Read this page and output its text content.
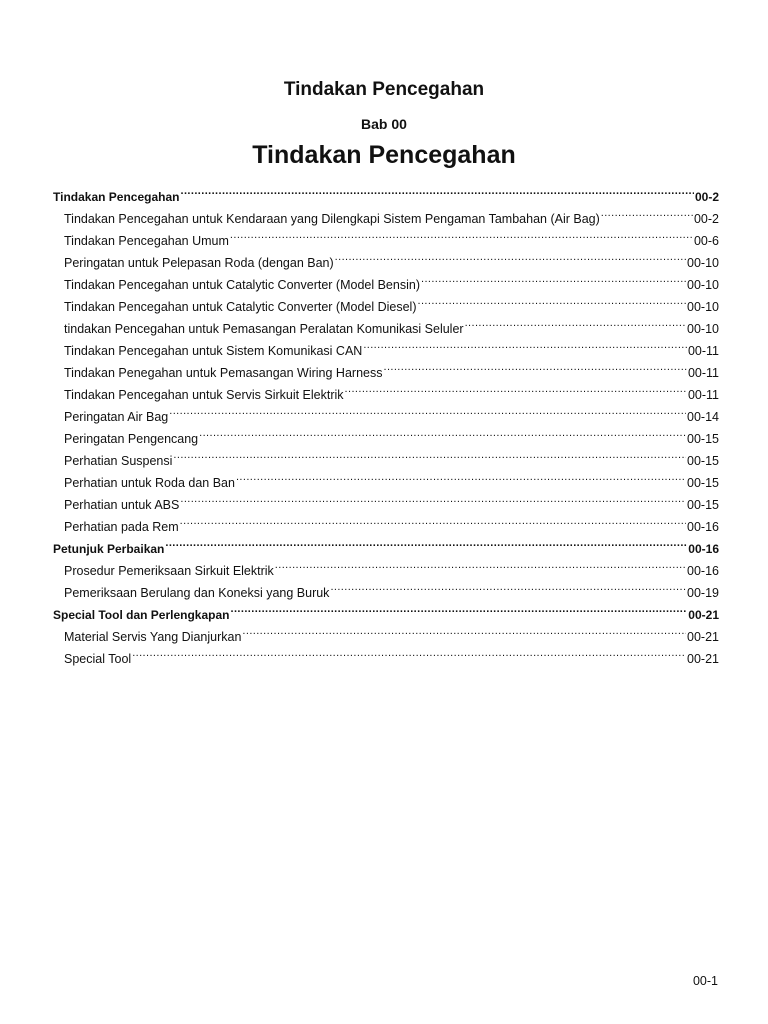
Tindakan Pencegahan
Bab 00
Tindakan Pencegahan
Tindakan Pencegahan .....	00-2
Tindakan Pencegahan untuk Kendaraan yang Dilengkapi Sistem Pengaman Tambahan (Air Bag) .....	00-2
Tindakan Pencegahan Umum .....	00-6
Peringatan untuk Pelepasan Roda (dengan Ban) .....	00-10
Tindakan Pencegahan untuk Catalytic Converter (Model Bensin) .....	00-10
Tindakan Pencegahan untuk Catalytic Converter (Model Diesel) .....	00-10
tindakan Pencegahan untuk Pemasangan Peralatan Komunikasi Seluler .....	00-10
Tindakan Pencegahan untuk Sistem Komunikasi CAN .....	00-11
Tindakan Penegahan untuk Pemasangan Wiring Harness .....	00-11
Tindakan Pencegahan untuk Servis Sirkuit Elektrik .....	00-11
Peringatan Air Bag .....	00-14
Peringatan Pengencang .....	00-15
Perhatian Suspensi .....	00-15
Perhatian untuk Roda dan Ban .....	00-15
Perhatian untuk ABS .....	00-15
Perhatian pada Rem .....	00-16
Petunjuk Perbaikan .....	00-16
Prosedur Pemeriksaan Sirkuit Elektrik .....	00-16
Pemeriksaan Berulang dan Koneksi yang Buruk .....	00-19
Special Tool dan Perlengkapan .....	00-21
Material Servis Yang Dianjurkan .....	00-21
Special Tool .....	00-21
00-1
